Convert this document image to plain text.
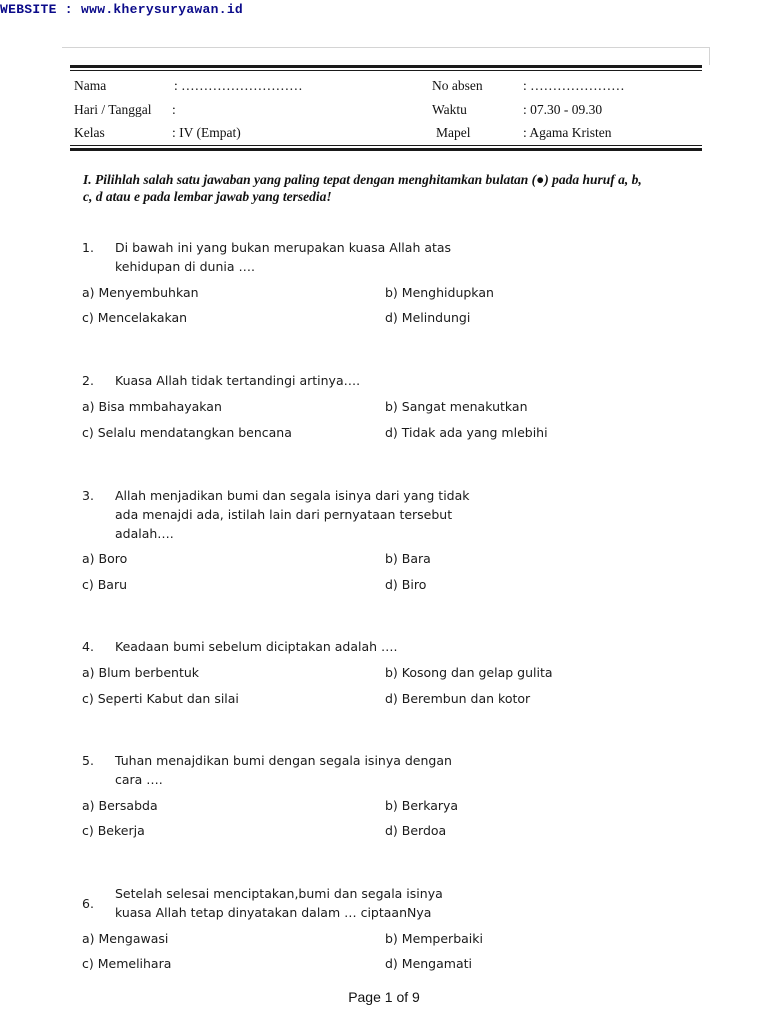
WEBSITE : www.kherysuryawan.id
Nama	: ………………………	No absen	: …………………
Hari / Tanggal :	Waktu	: 07.30 - 09.30
Kelas	: IV (Empat)	Mapel	: Agama Kristen
I. Pilihlah salah satu jawaban yang paling tepat dengan menghitamkan bulatan (●) pada huruf a, b, c, d atau e pada lembar jawab yang tersedia!
1. Di bawah ini yang bukan merupakan kuasa Allah atas
kehidupan di dunia ….
a) Menyembuhkan	b) Menghidupkan
c) Mencelakakan	d) Melindungi
2. Kuasa Allah tidak tertandingi artinya….
a) Bisa mmbahayakan	b) Sangat menakutkan
c) Selalu mendatangkan bencana	d) Tidak ada yang mlebihi
3. Allah menjadikan bumi dan segala isinya dari yang tidak
ada menajdi ada, istilah lain dari pernyataan tersebut
adalah….
a) Boro	b) Bara
c) Baru	d) Biro
4. Keadaan bumi sebelum diciptakan adalah ….
a) Blum berbentuk	b) Kosong dan gelap gulita
c) Seperti Kabut dan silai	d) Berembun dan kotor
5. Tuhan menajdikan bumi dengan segala isinya dengan
cara ….
a) Bersabda	b) Berkarya
c) Bekerja	d) Berdoa
6.
Setelah selesai menciptakan,bumi dan segala isinya
kuasa Allah tetap dinyatakan dalam … ciptaanNya
a) Mengawasi	b) Memperbaiki
c) Memelihara	d) Mengamati
Page 1 of 9
